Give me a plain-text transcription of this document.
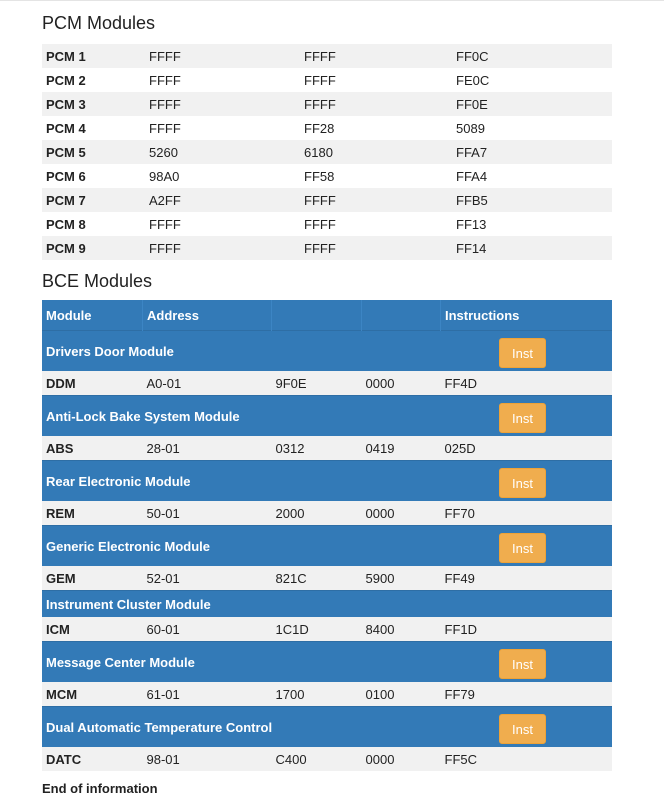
PCM Modules
PCM 1	FFFF	FFFF	FF0C
PCM 2	FFFF	FFFF	FE0C
PCM 3	FFFF	FFFF	FF0E
PCM 4	FFFF	FF28	5089
PCM 5	5260	6180	FFA7
PCM 6	98A0	FF58	FFA4
PCM 7	A2FF	FFFF	FFB5
PCM 8	FFFF	FFFF	FF13
PCM 9	FFFF	FFFF	FF14
BCE Modules
Module	Address			Instructions
Drivers Door Module Inst				

DDM	A0-01	9F0E	0000	FF4D
Anti-Lock Bake System Module Inst				

ABS	28-01	0312	0419	025D
Rear Electronic Module Inst				

REM	50-01	2000	0000	FF70
Generic Electronic Module Inst				

GEM	52-01	821C	5900	FF49
Instrument Cluster Module				
ICM	60-01	1C1D	8400	FF1D
Message Center Module Inst				

MCM	61-01	1700	0100	FF79
Dual Automatic Temperature Control Inst				

DATC	98-01	C400	0000	FF5C
End of information
